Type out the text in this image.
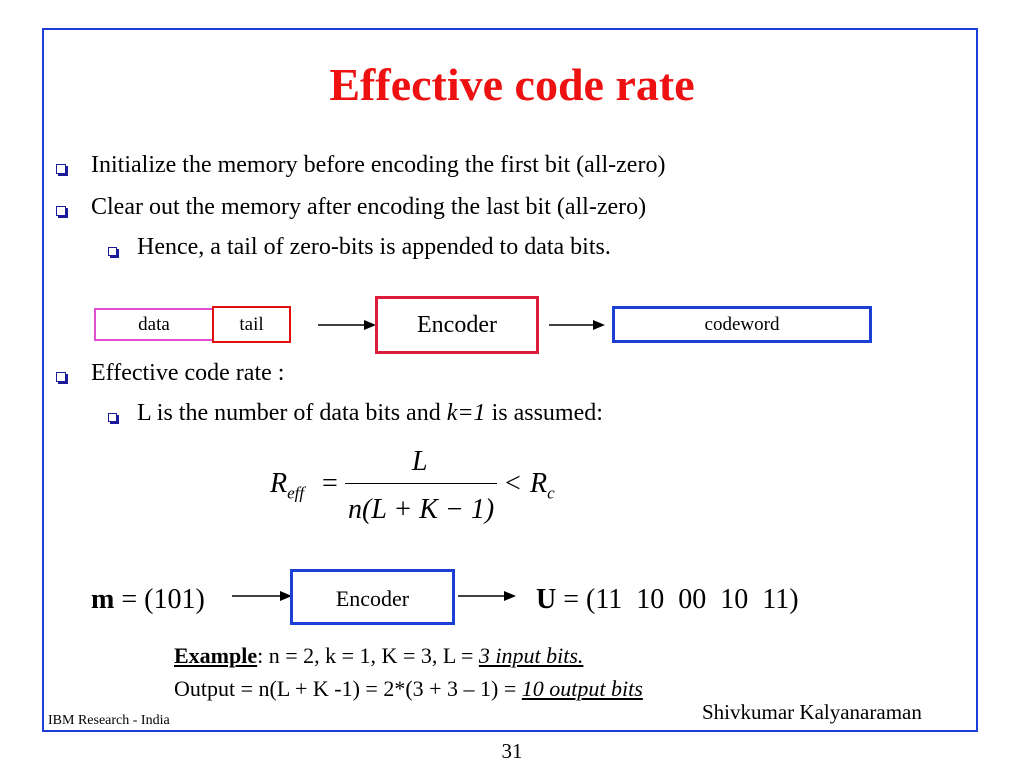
Effective code rate
Initialize the memory before encoding the first bit (all-zero)
Clear out the memory after encoding the last bit (all-zero)
Hence, a tail of zero-bits is appended to data bits.
data	tail	Encoder	codeword
Effective code rate :
L is the number of data bits and k=1 is assumed:
$R_{eff}$ =
L
n(L + K − 1)
< $R_c$
m = (101)	Encoder	U = (11  10  00  10  11)
Example: n = 2, k = 1, K = 3, L = 3 input bits.
Output = n(L + K -1) = 2*(3 + 3 – 1) = 10 output bits
IBM Research - India	Shivkumar Kalyanaraman
31
